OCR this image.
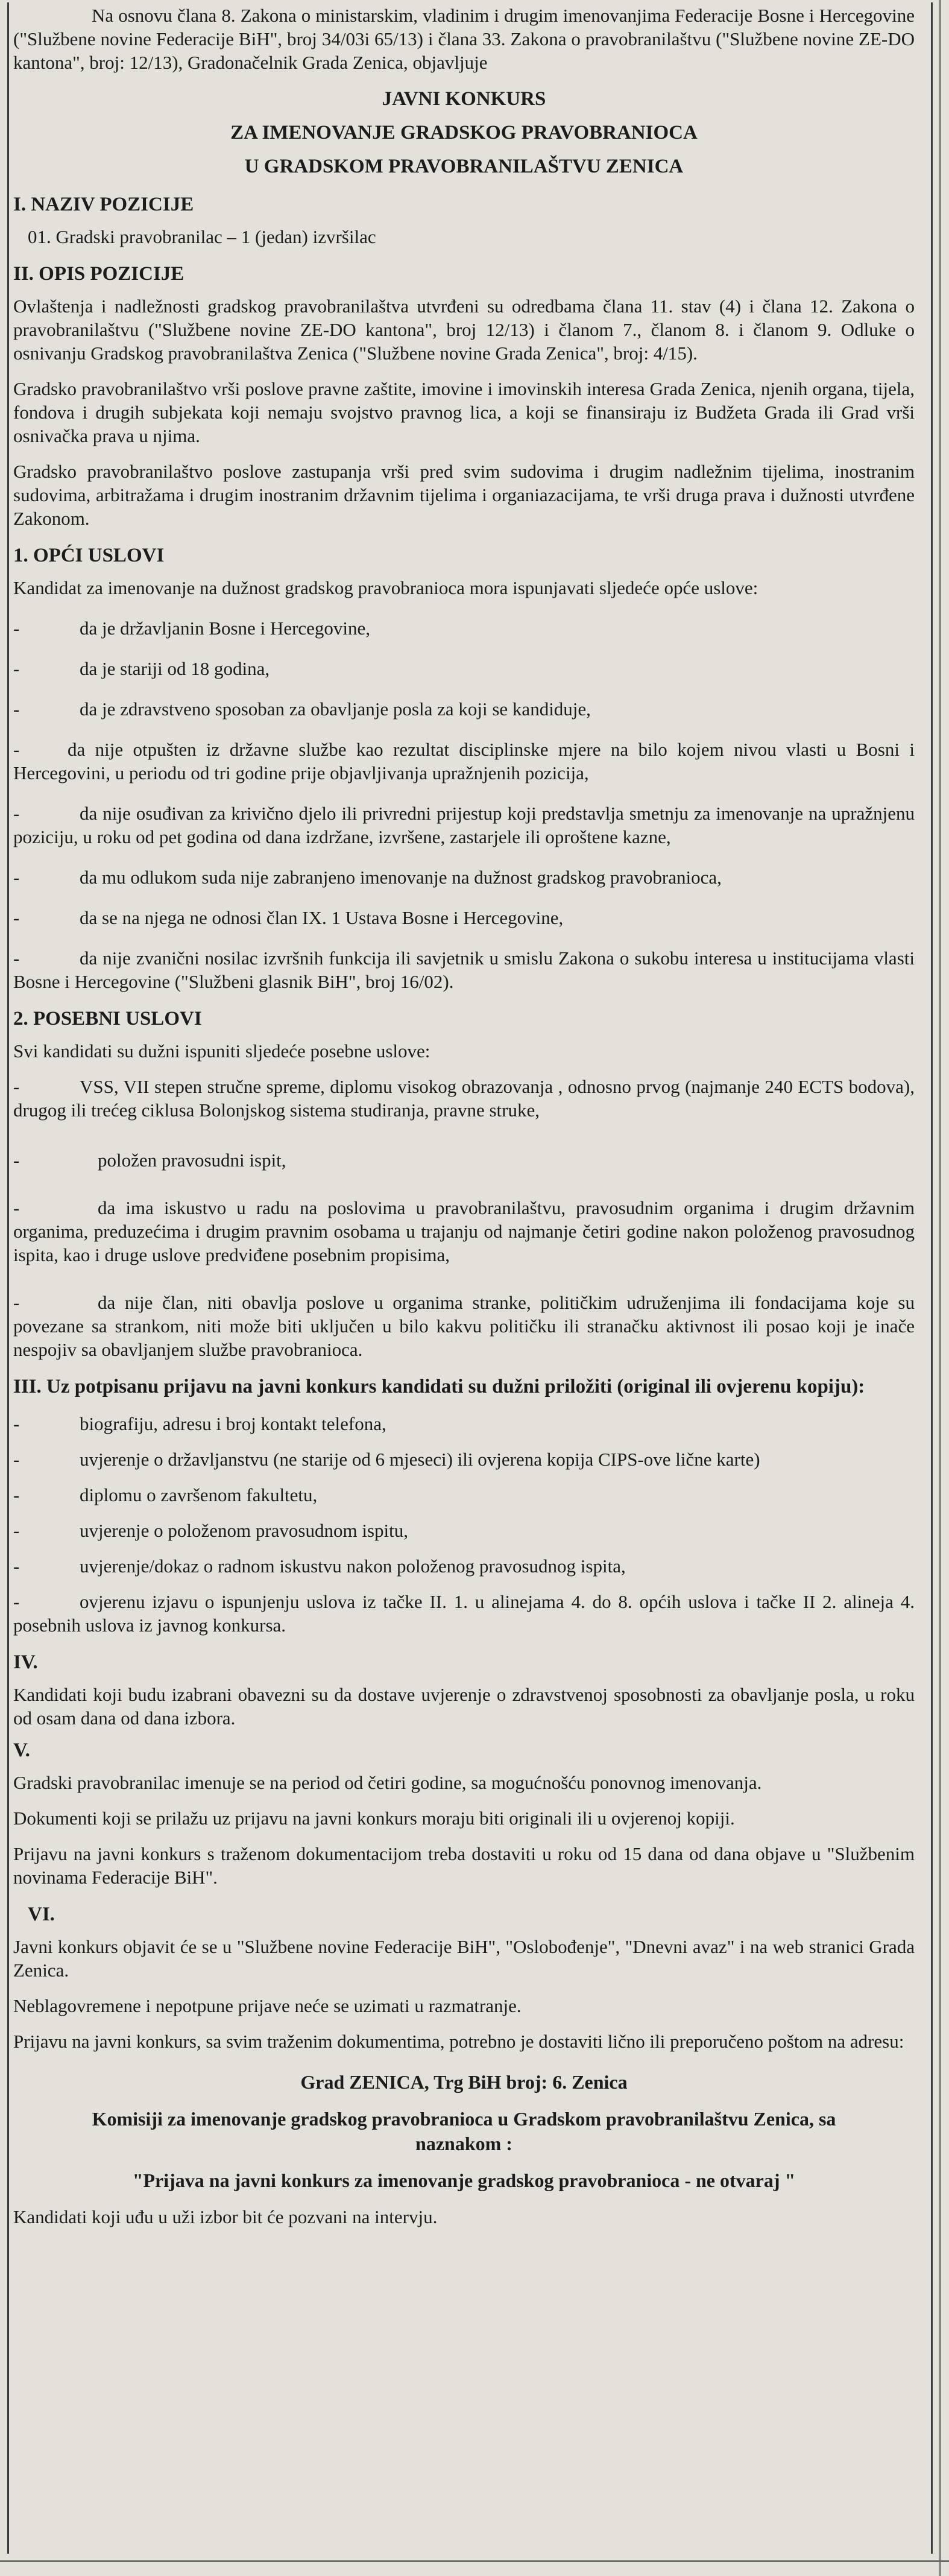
Na osnovu člana 8. Zakona o ministarskim, vladinim i drugim imenovanjima Federacije Bosne i Hercegovine ("Službene novine Federacije BiH", broj 34/03i 65/13) i člana 33. Zakona o pravobranilaštvu ("Službene novine ZE-DO kantona", broj: 12/13), Gradonačelnik Grada Zenica, objavljuje

JAVNI KONKURS

ZA IMENOVANJE GRADSKOG PRAVOBRANIOCA

U GRADSKOM PRAVOBRANILAŠTVU ZENICA

I. NAZIV POZICIJE

01. Gradski pravobranilac – 1 (jedan) izvršilac

II. OPIS POZICIJE

Ovlaštenja i nadležnosti gradskog pravobranilaštva utvrđeni su odredbama člana 11. stav (4) i člana 12. Zakona o pravobranilaštvu ("Službene novine ZE-DO kantona", broj 12/13) i članom 7., članom 8. i članom 9. Odluke o osnivanju Gradskog pravobranilaštva Zenica ("Službene novine Grada Zenica", broj: 4/15).

Gradsko pravobranilaštvo vrši poslove pravne zaštite, imovine i imovinskih interesa Grada Zenica, njenih organa, tijela, fondova i drugih subjekata koji nemaju svojstvo pravnog lica, a koji se finansiraju iz Budžeta Grada ili Grad vrši osnivačka prava u njima.

Gradsko pravobranilaštvo poslove zastupanja vrši pred svim sudovima i drugim nadležnim tijelima, inostranim sudovima, arbitražama i drugim inostranim državnim tijelima i organiazacijama, te vrši druga prava i dužnosti utvrđene Zakonom.

1. OPĆI USLOVI

Kandidat za imenovanje na dužnost gradskog pravobranioca mora ispunjavati sljedeće opće uslove:

-	da je državljanin Bosne i Hercegovine,

-	da je stariji od 18 godina,

-	da je zdravstveno sposoban za obavljanje posla za koji se kandiduje,

-	da nije otpušten iz državne službe kao rezultat disciplinske mjere na bilo kojem nivou vlasti u Bosni i Hercegovini, u periodu od tri godine prije objavljivanja upražnjenih pozicija,

-	da nije osuđivan za krivično djelo ili privredni prijestup koji predstavlja smetnju za imenovanje na upražnjenu poziciju, u roku od pet godina od dana izdržane, izvršene, zastarjele ili oproštene kazne,

-	da mu odlukom suda nije zabranjeno imenovanje na dužnost gradskog pravobranioca,

-	da se na njega ne odnosi član IX. 1 Ustava Bosne i Hercegovine,

-	da nije zvanični nosilac izvršnih funkcija ili savjetnik u smislu Zakona o sukobu interesa u institucijama vlasti Bosne i Hercegovine ("Službeni glasnik BiH", broj 16/02).

2. POSEBNI USLOVI

Svi kandidati su dužni ispuniti sljedeće posebne uslove:

-	VSS, VII stepen stručne spreme, diplomu visokog obrazovanja , odnosno prvog (najmanje 240 ECTS bodova), drugog ili trećeg ciklusa Bolonjskog sistema studiranja, pravne struke,

-	položen pravosudni ispit,

-	da ima iskustvo u radu na poslovima u pravobranilaštvu, pravosudnim organima i drugim državnim organima, preduzećima i drugim pravnim osobama u trajanju od najmanje četiri godine nakon položenog pravosudnog ispita, kao i druge uslove predviđene posebnim propisima,

-	da nije član, niti obavlja poslove u organima stranke, političkim udruženjima ili fondacijama koje su povezane sa strankom, niti može biti uključen u bilo kakvu političku ili stranačku aktivnost ili posao koji je inače nespojiv sa obavljanjem službe pravobranioca.

III. Uz potpisanu prijavu na javni konkurs kandidati su dužni priložiti (original ili ovjerenu kopiju):

-	biografiju, adresu i broj kontakt telefona,

-	uvjerenje o državljanstvu (ne starije od 6 mjeseci) ili ovjerena kopija CIPS-ove lične karte)

-	diplomu o završenom fakultetu,

-	uvjerenje o položenom pravosudnom ispitu,

-	uvjerenje/dokaz o radnom iskustvu nakon položenog pravosudnog ispita,

-	ovjerenu izjavu o ispunjenju uslova iz tačke II. 1. u alinejama 4. do 8. općih uslova i tačke II 2. alineja 4. posebnih uslova iz javnog konkursa.

IV.

Kandidati koji budu izabrani obavezni su da dostave uvjerenje o zdravstvenoj sposobnosti za obavljanje posla, u roku od osam dana od dana izbora.

V.

Gradski pravobranilac imenuje se na period od četiri godine, sa mogućnošću ponovnog imenovanja.

Dokumenti koji se prilažu uz prijavu na javni konkurs moraju biti originali ili u ovjerenoj kopiji.

Prijavu na javni konkurs s traženom dokumentacijom treba dostaviti u roku od 15 dana od dana objave u "Službenim novinama Federacije BiH".

VI.

Javni konkurs objavit će se u "Službene novine Federacije BiH", "Oslobođenje", "Dnevni avaz" i na web stranici Grada Zenica.

Neblagovremene i nepotpune prijave neće se uzimati u razmatranje.

Prijavu na javni konkurs, sa svim traženim dokumentima, potrebno je dostaviti lično ili preporučeno poštom na adresu:

Grad ZENICA, Trg BiH broj: 6. Zenica

Komisiji za imenovanje gradskog pravobranioca u Gradskom pravobranilaštvu Zenica, sa naznakom :

"Prijava na javni konkurs za imenovanje gradskog pravobranioca - ne otvaraj "

Kandidati koji uđu u uži izbor bit će pozvani na intervju.
